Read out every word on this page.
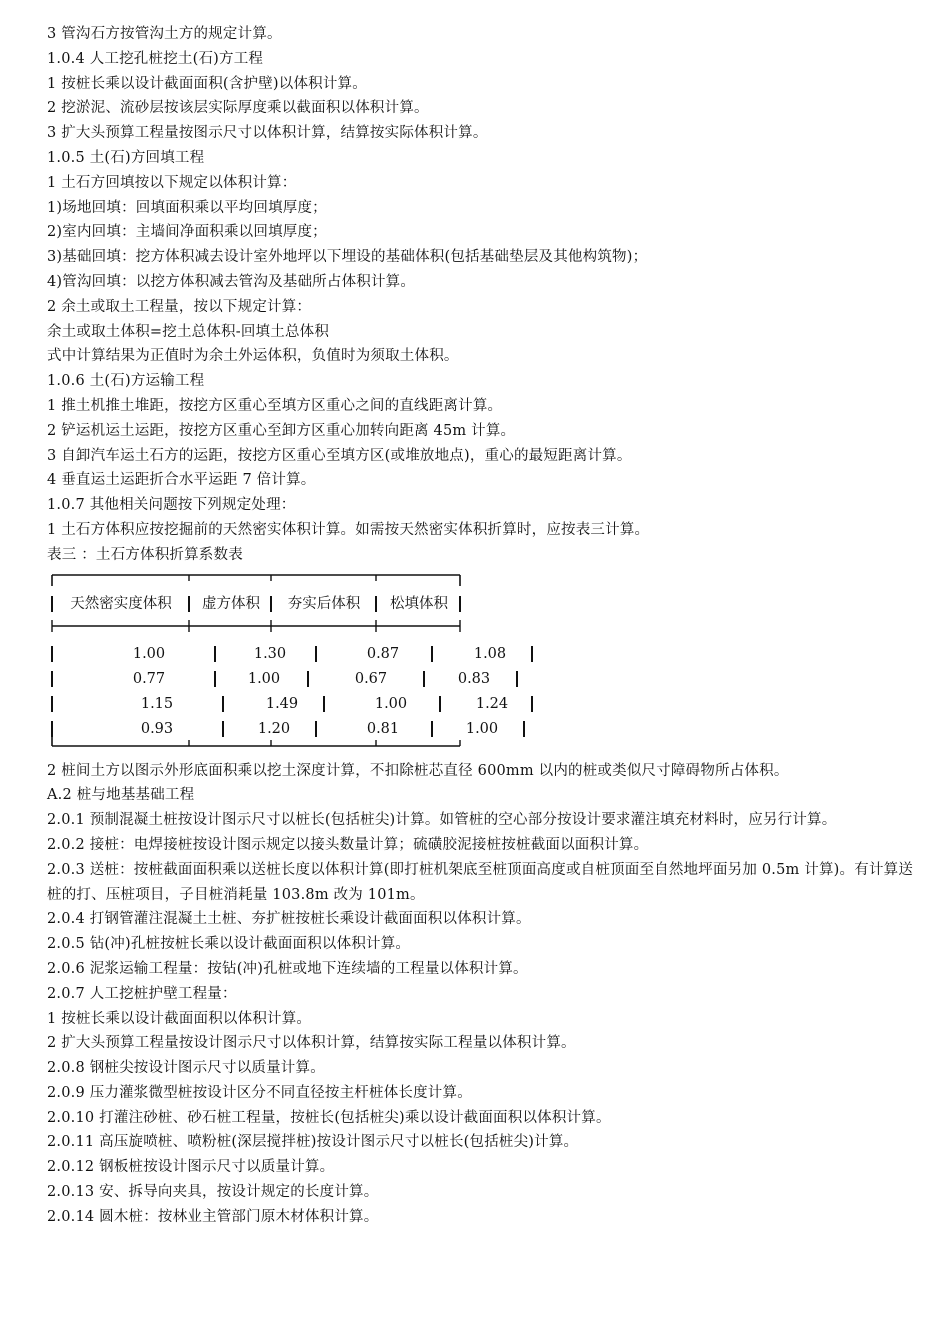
3 管沟石方按管沟土方的规定计算。
1.0.4 人工挖孔桩挖土(石)方工程
1 按桩长乘以设计截面面积(含护壁)以体积计算。
2 挖淤泥、流砂层按该层实际厚度乘以截面积以体积计算。
3 扩大头预算工程量按图示尺寸以体积计算，结算按实际体积计算。
1.0.5 土(石)方回填工程
1 土石方回填按以下规定以体积计算：
1)场地回填：回填面积乘以平均回填厚度；
2)室内回填：主墙间净面积乘以回填厚度；
3)基础回填：挖方体积减去设计室外地坪以下埋设的基础体积(包括基础垫层及其他构筑物)；
4)管沟回填：以挖方体积减去管沟及基础所占体积计算。
2 余土或取土工程量，按以下规定计算：
余土或取土体积=挖土总体积-回填土总体积
式中计算结果为正值时为余土外运体积，负值时为须取土体积。
1.0.6 土(石)方运输工程
1 推土机推土堆距，按挖方区重心至填方区重心之间的直线距离计算。
2 铲运机运土运距，按挖方区重心至卸方区重心加转向距离 45m 计算。
3 自卸汽车运土石方的运距，按挖方区重心至填方区(或堆放地点)，重心的最短距离计算。
4 垂直运土运距折合水平运距 7 倍计算。
1.0.7 其他相关问题按下列规定处理：
1 土石方体积应按挖掘前的天然密实体积计算。如需按天然密实体积折算时，应按表三计算。
表三 ：土石方体积折算系数表
天然密实度体积	虚方体积	夯实后体积	松填体积
1.00	1.30	0.87	1.08
0.77	1.00	0.67	0.83
1.15	1.49	1.00	1.24
0.93	1.20	0.81	1.00
2 桩间土方以图示外形底面积乘以挖土深度计算，不扣除桩芯直径 600mm 以内的桩或类似尺寸障碍物所占体积。
A.2 桩与地基基础工程
2.0.1 预制混凝土桩按设计图示尺寸以桩长(包括桩尖)计算。如管桩的空心部分按设计要求灌注填充材料时，应另行计算。
2.0.2 接桩：电焊接桩按设计图示规定以接头数量计算；硫磺胶泥接桩按桩截面以面积计算。
2.0.3 送桩：按桩截面面积乘以送桩长度以体积计算(即打桩机架底至桩顶面高度或自桩顶面至自然地坪面另加 0.5m 计算)。有计算送桩的打、压桩项目，子目桩消耗量 103.8m 改为 101m。
2.0.4 打钢管灌注混凝土土桩、夯扩桩按桩长乘设计截面面积以体积计算。
2.0.5 钻(冲)孔桩按桩长乘以设计截面面积以体积计算。
2.0.6 泥浆运输工程量：按钻(冲)孔桩或地下连续墙的工程量以体积计算。
2.0.7 人工挖桩护壁工程量：
1 按桩长乘以设计截面面积以体积计算。
2 扩大头预算工程量按设计图示尺寸以体积计算，结算按实际工程量以体积计算。
2.0.8 钢桩尖按设计图示尺寸以质量计算。
2.0.9 压力灌浆微型桩按设计区分不同直径按主杆桩体长度计算。
2.0.10 打灌注砂桩、砂石桩工程量，按桩长(包括桩尖)乘以设计截面面积以体积计算。
2.0.11 高压旋喷桩、喷粉桩(深层搅拌桩)按设计图示尺寸以桩长(包括桩尖)计算。
2.0.12 钢板桩按设计图示尺寸以质量计算。
2.0.13 安、拆导向夹具，按设计规定的长度计算。
2.0.14 圆木桩：按林业主管部门原木材体积计算。
